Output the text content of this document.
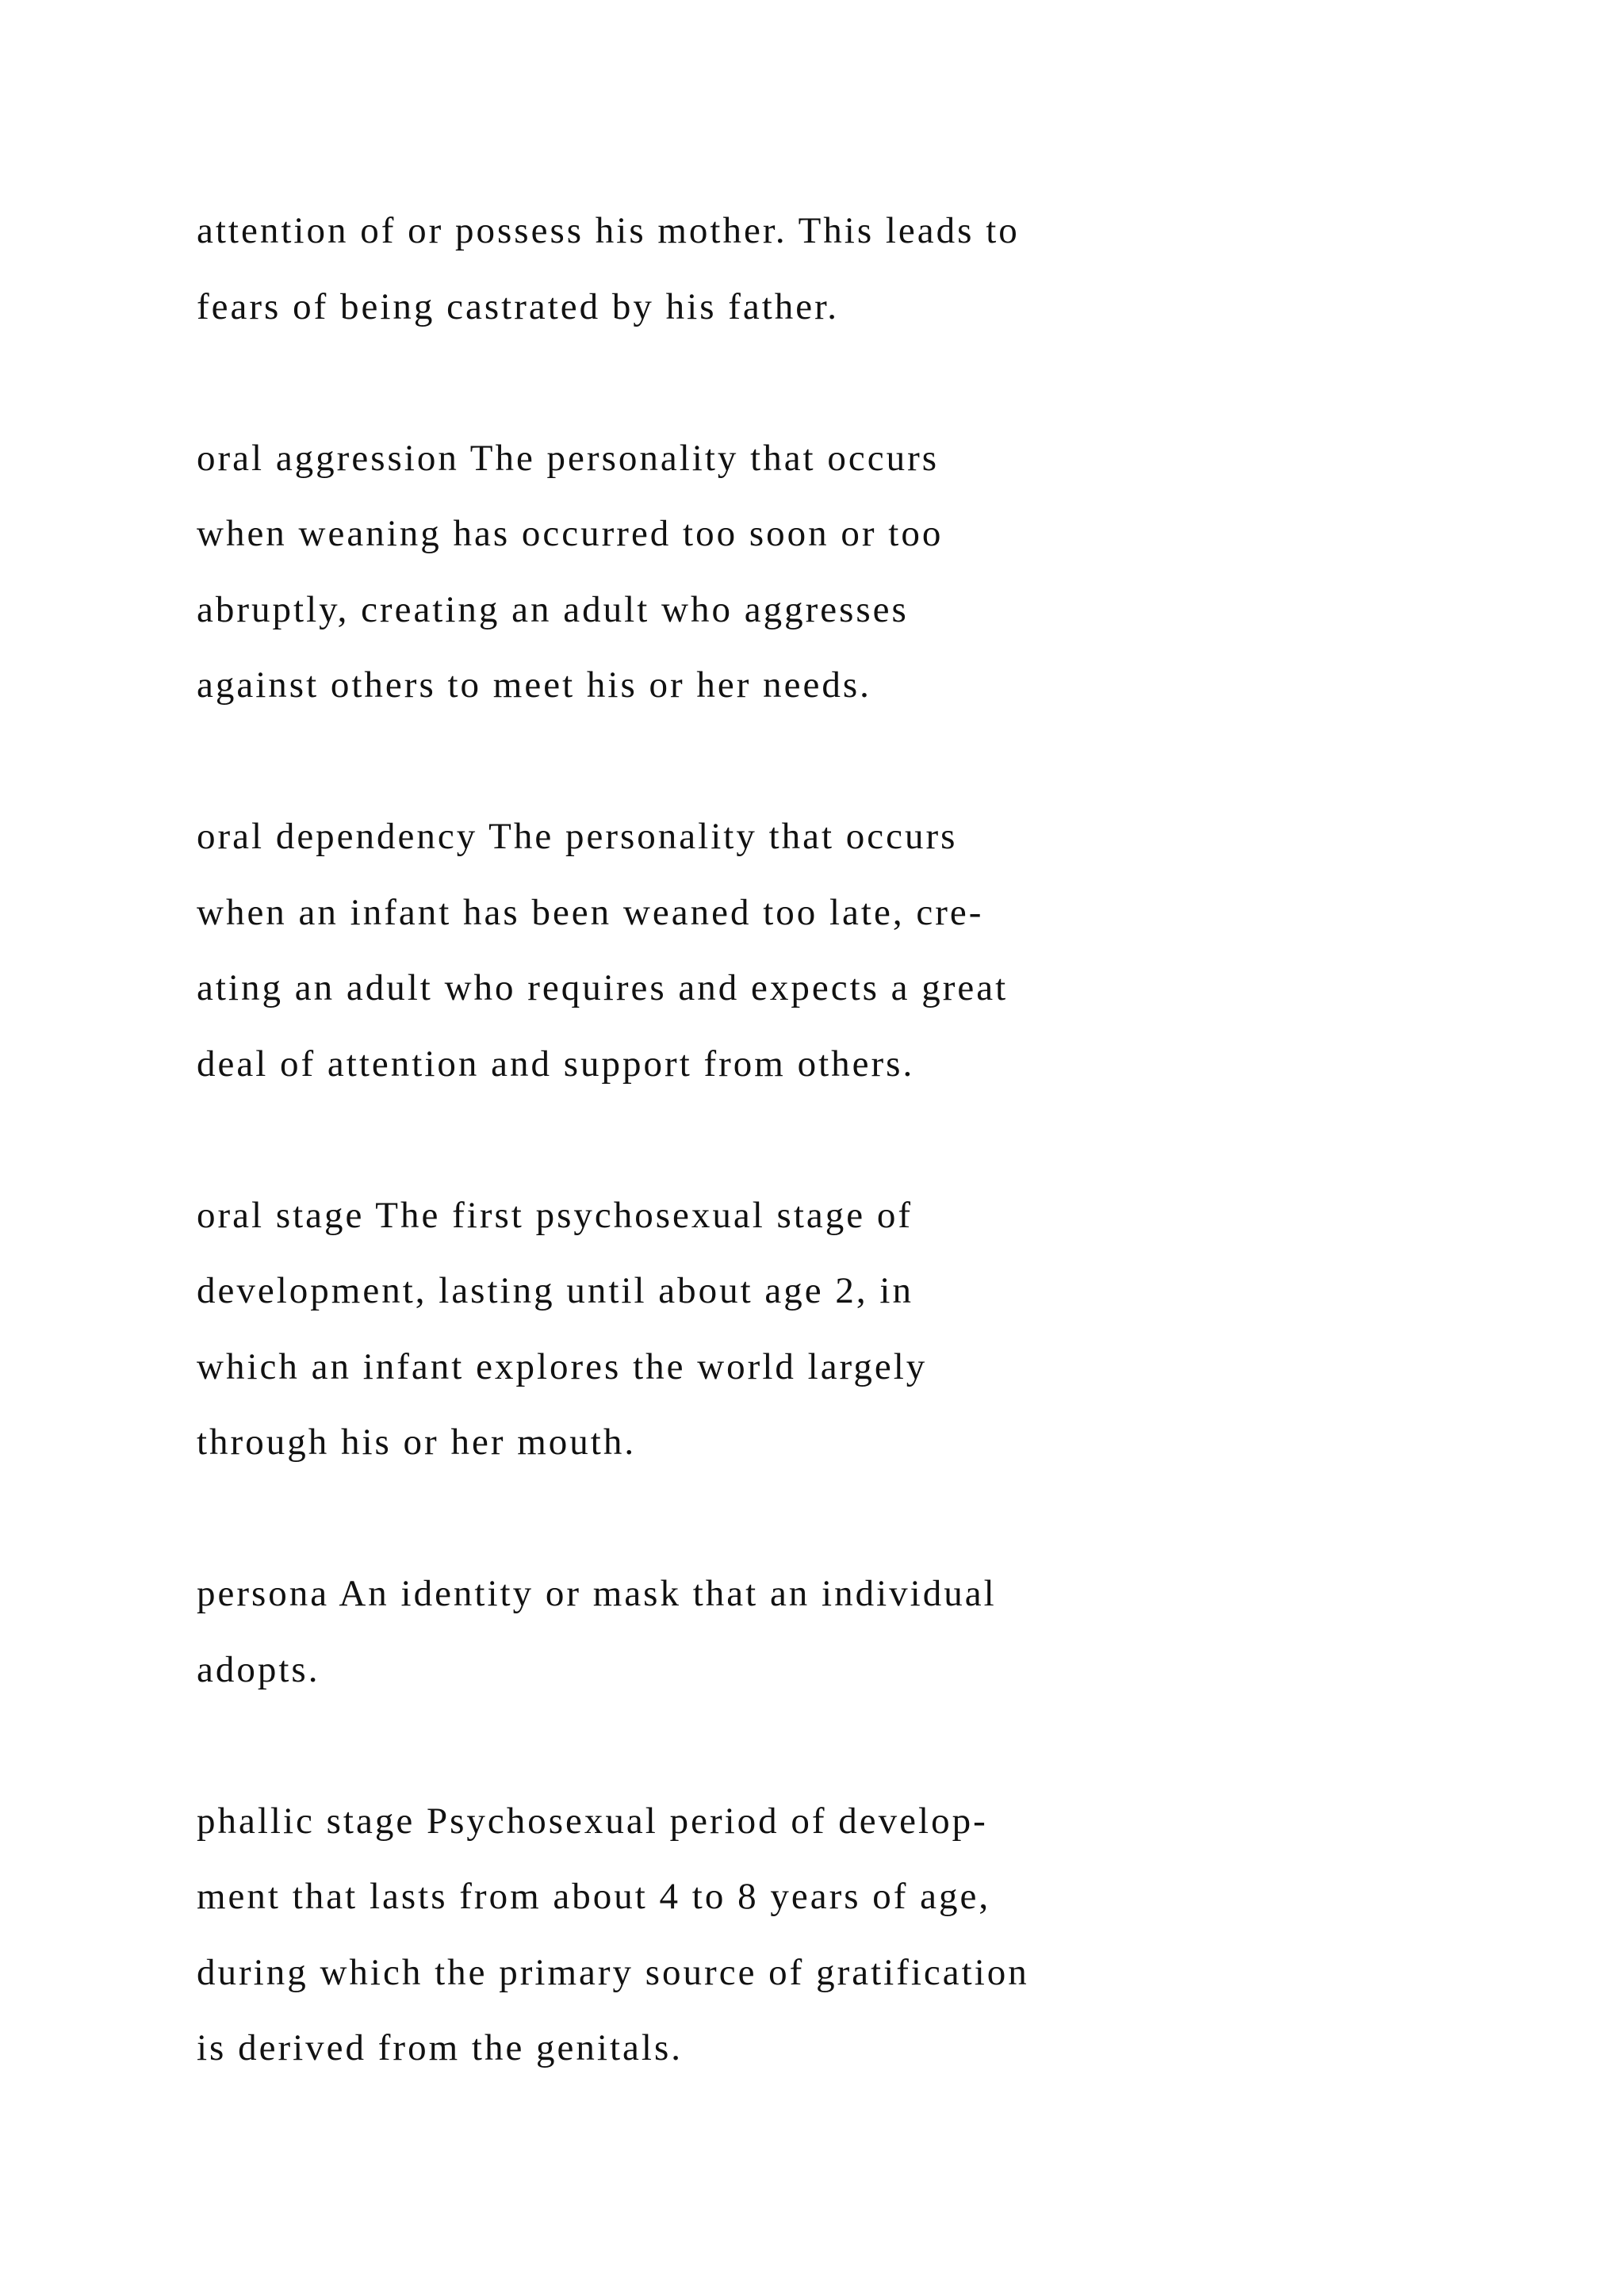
attention of or possess his mother. This leads to
fears of being castrated by his father.
oral aggression The personality that occurs
when weaning has occurred too soon or too
abruptly, creating an adult who aggresses
against others to meet his or her needs.
oral dependency The personality that occurs
when an infant has been weaned too late, cre-
ating an adult who requires and expects a great
deal of attention and support from others.
oral stage The first psychosexual stage of
development, lasting until about age 2, in
which an infant explores the world largely
through his or her mouth.
persona An identity or mask that an individual
adopts.
phallic stage Psychosexual period of develop-
ment that lasts from about 4 to 8 years of age,
during which the primary source of gratification
is derived from the genitals.
